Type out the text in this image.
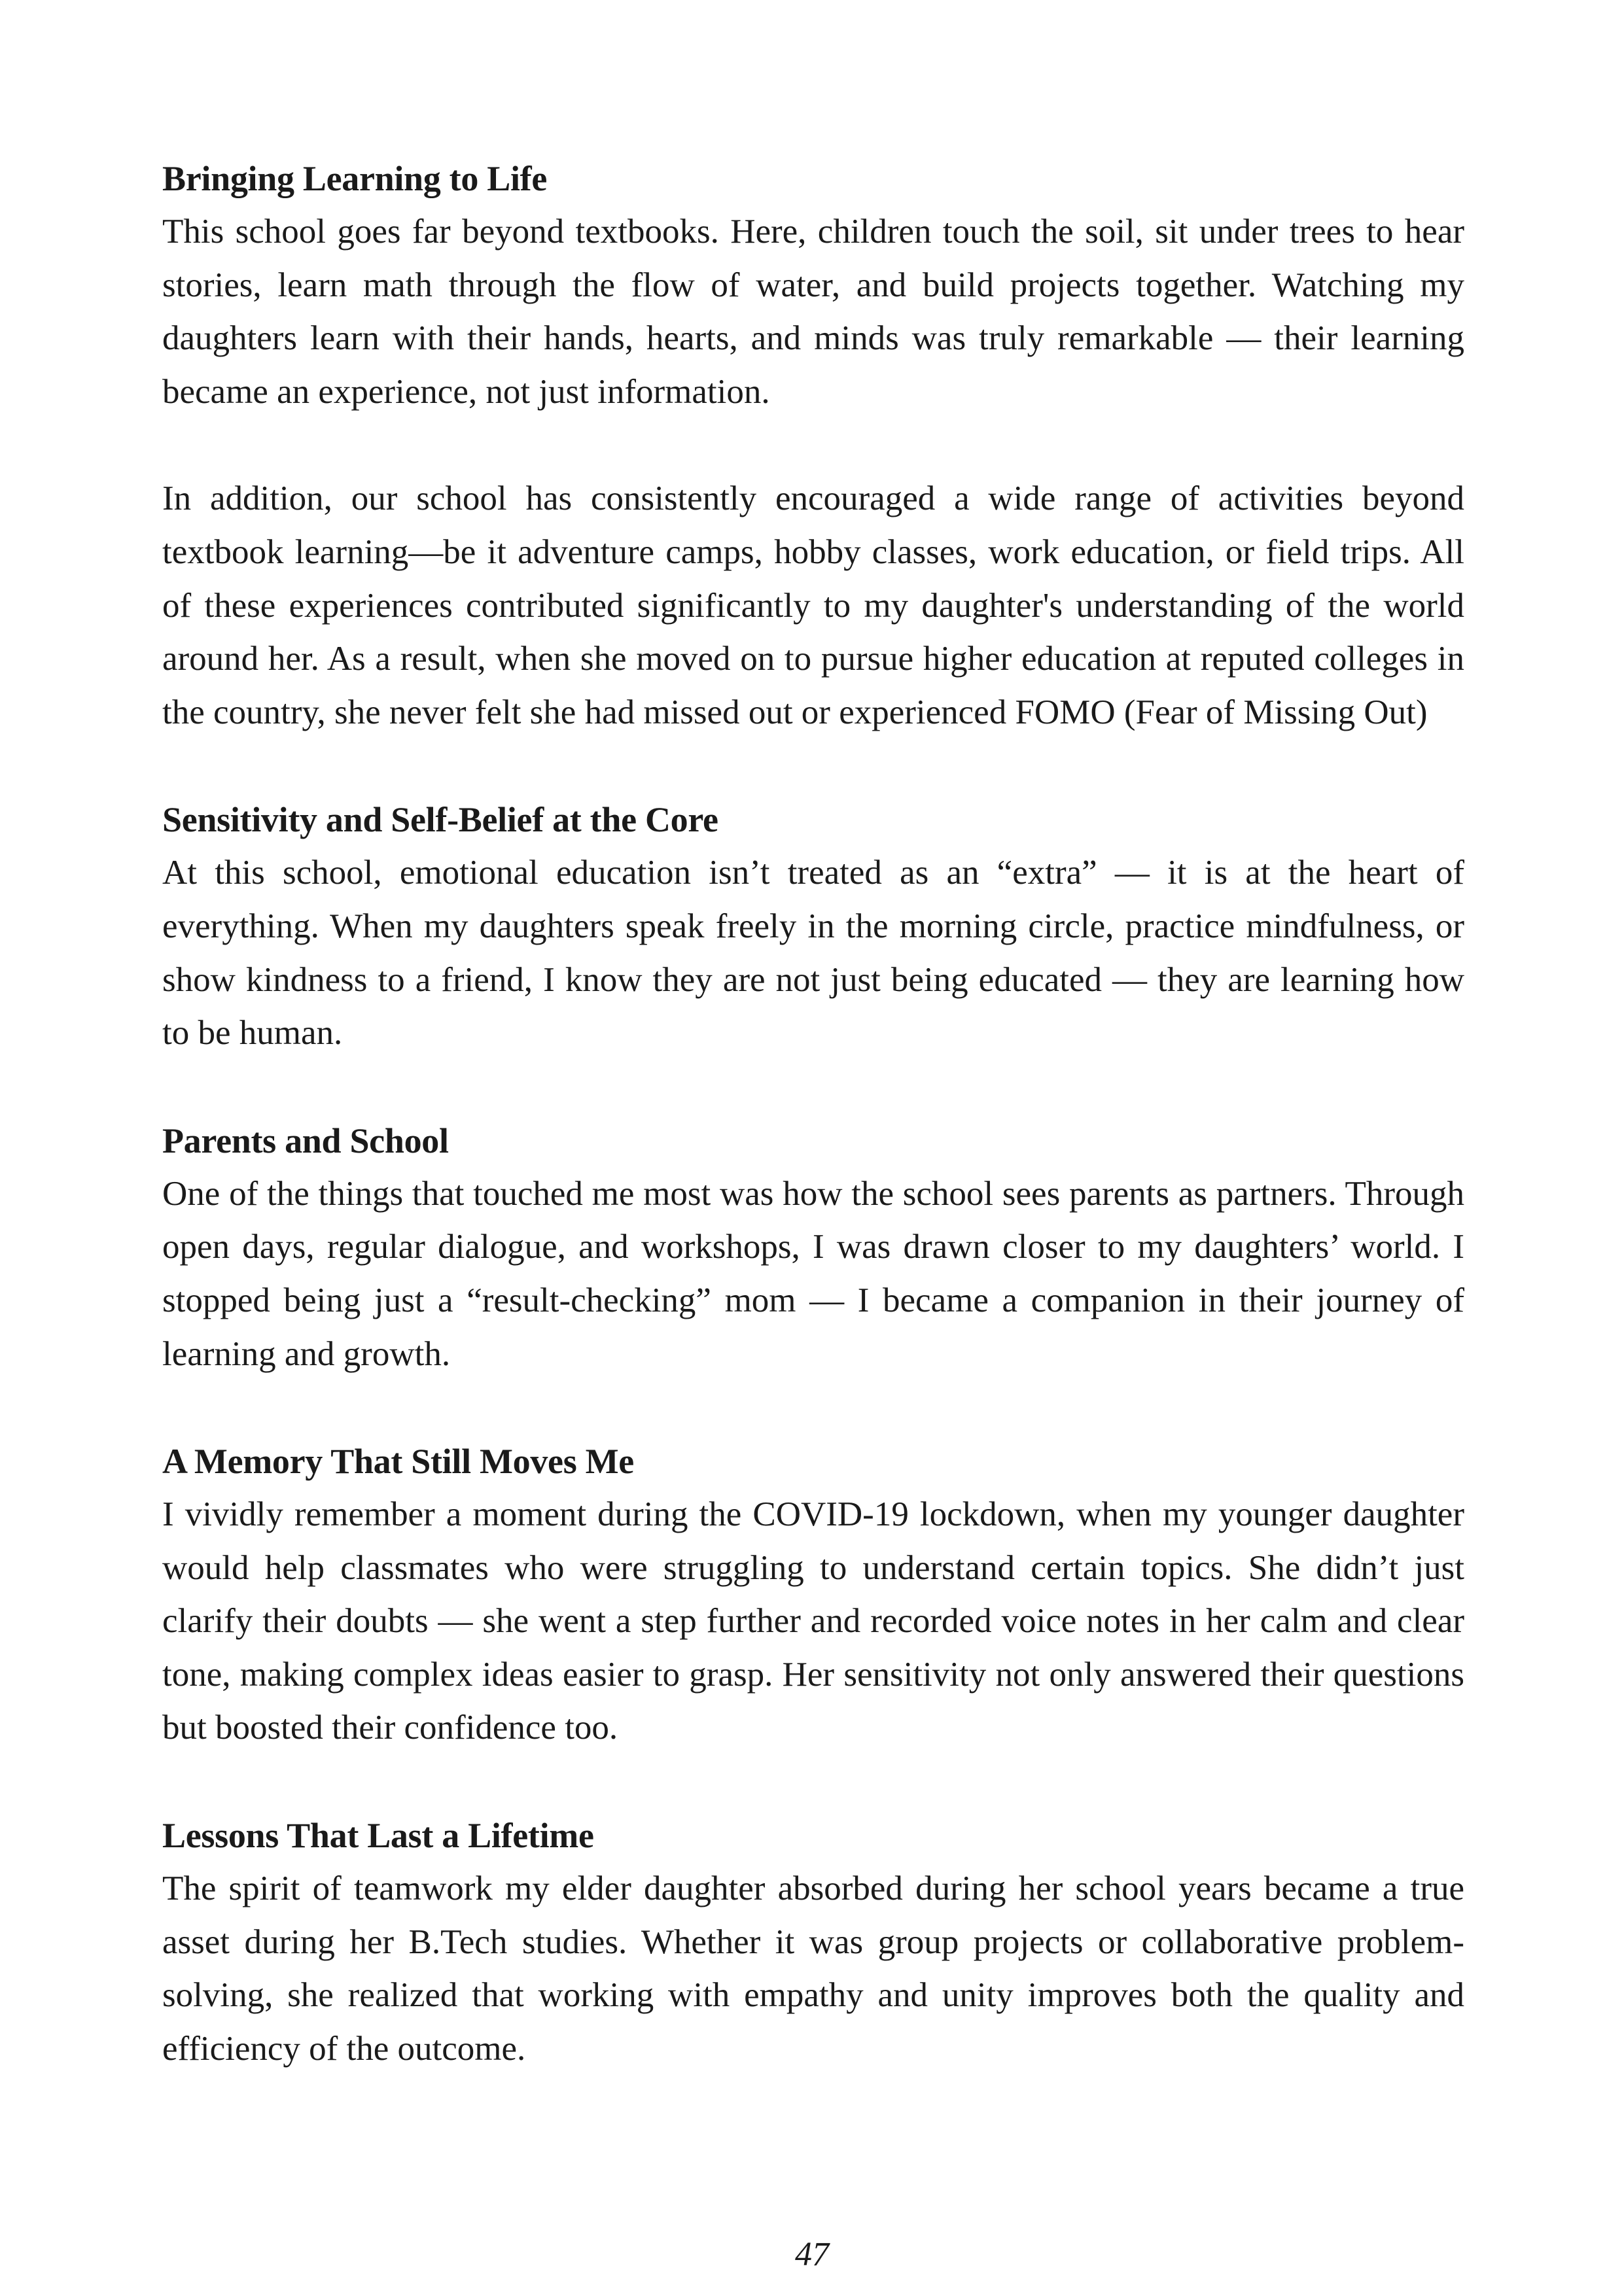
Bringing Learning to Life

This school goes far beyond textbooks. Here, children touch the soil, sit under trees to hear stories, learn math through the flow of water, and build projects together. Watching my daughters learn with their hands, hearts, and minds was truly remarkable — their learning became an experience, not just information.

In addition, our school has consistently encouraged a wide range of activities beyond textbook learning—be it adventure camps, hobby classes, work education, or field trips. All of these experiences contributed significantly to my daughter's understanding of the world around her. As a result, when she moved on to pursue higher education at reputed colleges in the country, she never felt she had missed out or experienced FOMO (Fear of Missing Out)

Sensitivity and Self-Belief at the Core

At this school, emotional education isn’t treated as an “extra” — it is at the heart of everything. When my daughters speak freely in the morning circle, practice mindfulness, or show kindness to a friend, I know they are not just being educated — they are learning how to be human.

Parents and School

One of the things that touched me most was how the school sees parents as partners. Through open days, regular dialogue, and workshops, I was drawn closer to my daughters’ world. I stopped being just a “result-checking” mom — I became a companion in their journey of learning and growth.

A Memory That Still Moves Me

I vividly remember a moment during the COVID-19 lockdown, when my younger daughter would help classmates who were struggling to understand certain topics. She didn’t just clarify their doubts — she went a step further and recorded voice notes in her calm and clear tone, making complex ideas easier to grasp. Her sensitivity not only answered their questions but boosted their confidence too.

Lessons That Last a Lifetime

The spirit of teamwork my elder daughter absorbed during her school years became a true asset during her B.Tech studies. Whether it was group projects or collaborative problem-solving, she realized that working with empathy and unity improves both the quality and efficiency of the outcome.

47
